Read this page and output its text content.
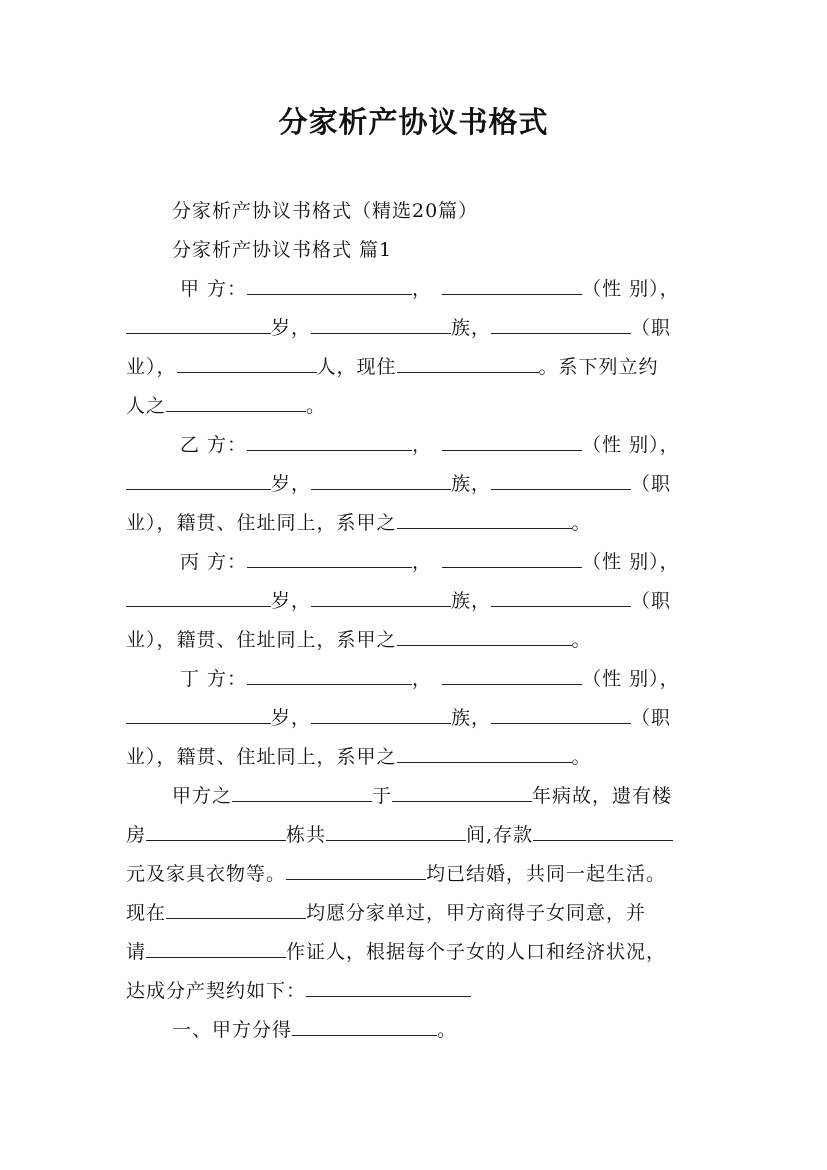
分家析产协议书格式
分家析产协议书格式（精选20篇）
分家析产协议书格式 篇1
甲 方：	，	（性 别），
岁，	族，	（职
业），	人，现住	。系下列立约
人之	。
乙 方：	，	（性 别），
岁，	族，	（职
业），籍贯、住址同上，系甲之	。
丙 方：	，	（性 别），
岁，	族，	（职
业），籍贯、住址同上，系甲之	。
丁 方：	，	（性 别），
岁，	族，	（职
业），籍贯、住址同上，系甲之	。
甲方之	于	年病故，遗有楼
房	栋共	间,存款
元及家具衣物等。	均已结婚，共同一起生活。
现在	均愿分家单过，甲方商得子女同意，并
请	作证人，根据每个子女的人口和经济状况，
达成分产契约如下：
一、甲方分得	。
